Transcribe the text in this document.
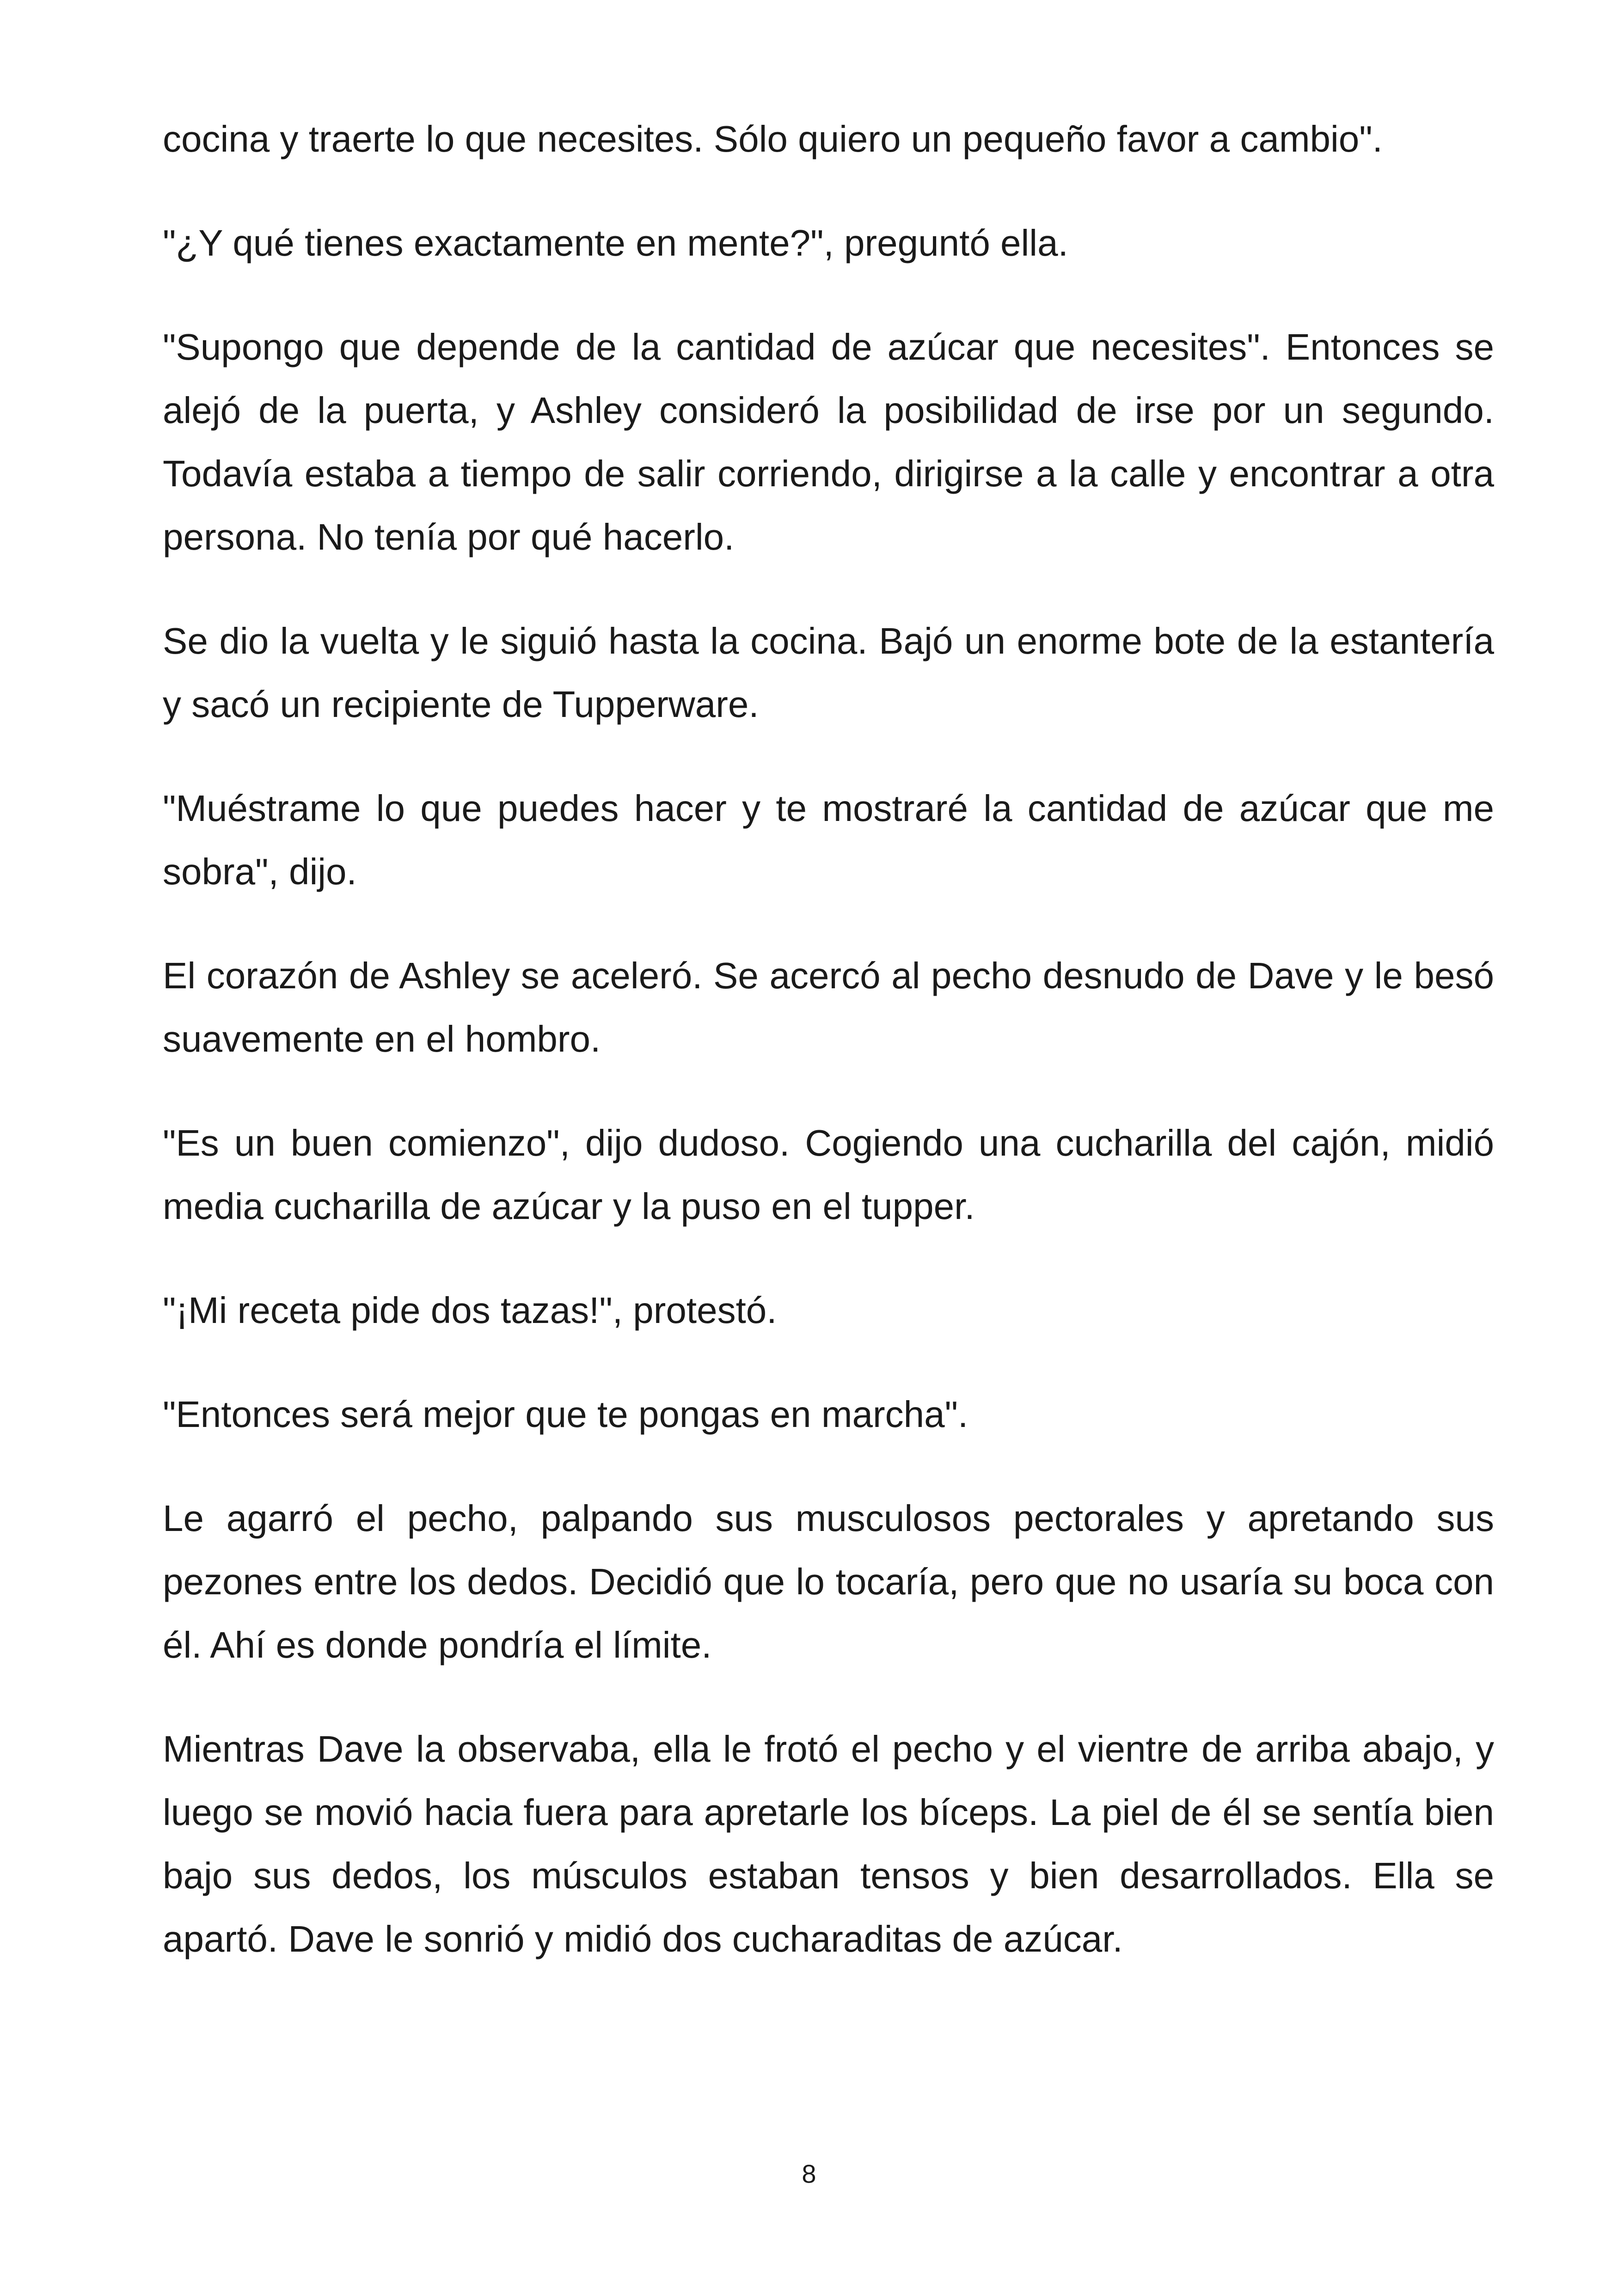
cocina y traerte lo que necesites. Sólo quiero un pequeño favor a cambio".

"¿Y qué tienes exactamente en mente?", preguntó ella.

"Supongo que depende de la cantidad de azúcar que necesites". Entonces se alejó de la puerta, y Ashley consideró la posibilidad de irse por un segundo. Todavía estaba a tiempo de salir corriendo, dirigirse a la calle y encontrar a otra persona. No tenía por qué hacerlo.

Se dio la vuelta y le siguió hasta la cocina. Bajó un enorme bote de la estantería y sacó un recipiente de Tupperware.

"Muéstrame lo que puedes hacer y te mostraré la cantidad de azúcar que me sobra", dijo.

El corazón de Ashley se aceleró. Se acercó al pecho desnudo de Dave y le besó suavemente en el hombro.

"Es un buen comienzo", dijo dudoso. Cogiendo una cucharilla del cajón, midió media cucharilla de azúcar y la puso en el tupper.

"¡Mi receta pide dos tazas!", protestó.

"Entonces será mejor que te pongas en marcha".

Le agarró el pecho, palpando sus musculosos pectorales y apretando sus pezones entre los dedos. Decidió que lo tocaría, pero que no usaría su boca con él. Ahí es donde pondría el límite.

Mientras Dave la observaba, ella le frotó el pecho y el vientre de arriba abajo, y luego se movió hacia fuera para apretarle los bíceps. La piel de él se sentía bien bajo sus dedos, los músculos estaban tensos y bien desarrollados. Ella se apartó. Dave le sonrió y midió dos cucharaditas de azúcar.

8
